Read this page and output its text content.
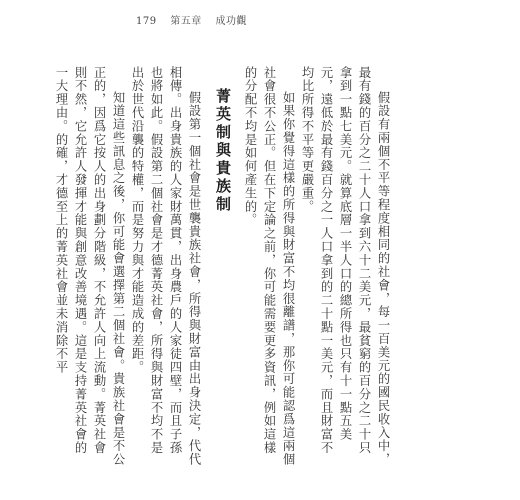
179 第五章 成功觀

假設有兩個不平等程度相同的社會，每一百美元的國民收入中，最有錢的百分之二十人口拿到六十二美元，最貧窮的百分之二十只拿到一點七美元。就算底層一半人口的總所得也只有十一點五美元，遠低於最有錢百分之一人口拿到的二十點一美元，而且財富不均比所得不平等更嚴重。

如果你覺得這樣的所得與財富不均很離譜，那你可能認爲這兩個社會很不公正。但在下定論之前，你可能需要更多資訊，例如這樣的分配不均是如何產生的。

菁英制與貴族制

假設第一個社會是世襲貴族社會，所得與財富由出身決定，代代相傳。出身貴族的人家財萬貫，出身農戶的人家徒四壁，而且子孫也將如此。假設第二個社會是才德菁英社會，所得與財富不均不是出於世代沿襲的特權，而是努力與才能造成的差距。

知道這些訊息之後，你可能會選擇第二個社會。貴族社會是不公正的，因爲它按人的出身劃分階級，不允許人向上流動。菁英社會則不然，它允許人發揮才能與創意改善境遇。這是支持菁英社會的一大理由。的確，才德至上的菁英社會並未消除不平
